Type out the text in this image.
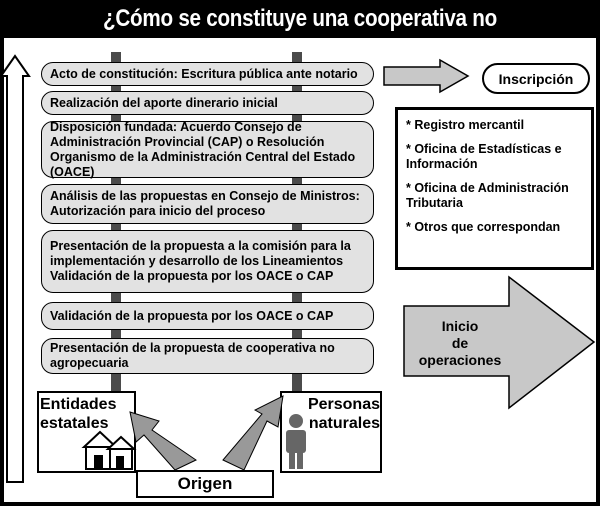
¿Cómo se constituye una cooperativa no
Acto de constitución: Escritura pública ante notario
Realización del aporte dinerario inicial
Disposición fundada: Acuerdo Consejo de Administración Provincial (CAP) o Resolución Organismo de la Administración Central del Estado (OACE)
Análisis de las propuestas en Consejo de Ministros: Autorización para inicio del proceso
Presentación de la propuesta a la comisión para la implementación y desarrollo de los Lineamientos Validación de la propuesta por los OACE o CAP
Validación de la propuesta por los OACE o CAP
Presentación de la propuesta de cooperativa no agropecuaria
Inscripción
* Registro mercantil
* Oficina de Estadísticas e Información
* Oficina de Administración Tributaria
* Otros que correspondan
Inicio
de
operaciones
Entidades
estatales
Personas
naturales
Origen
